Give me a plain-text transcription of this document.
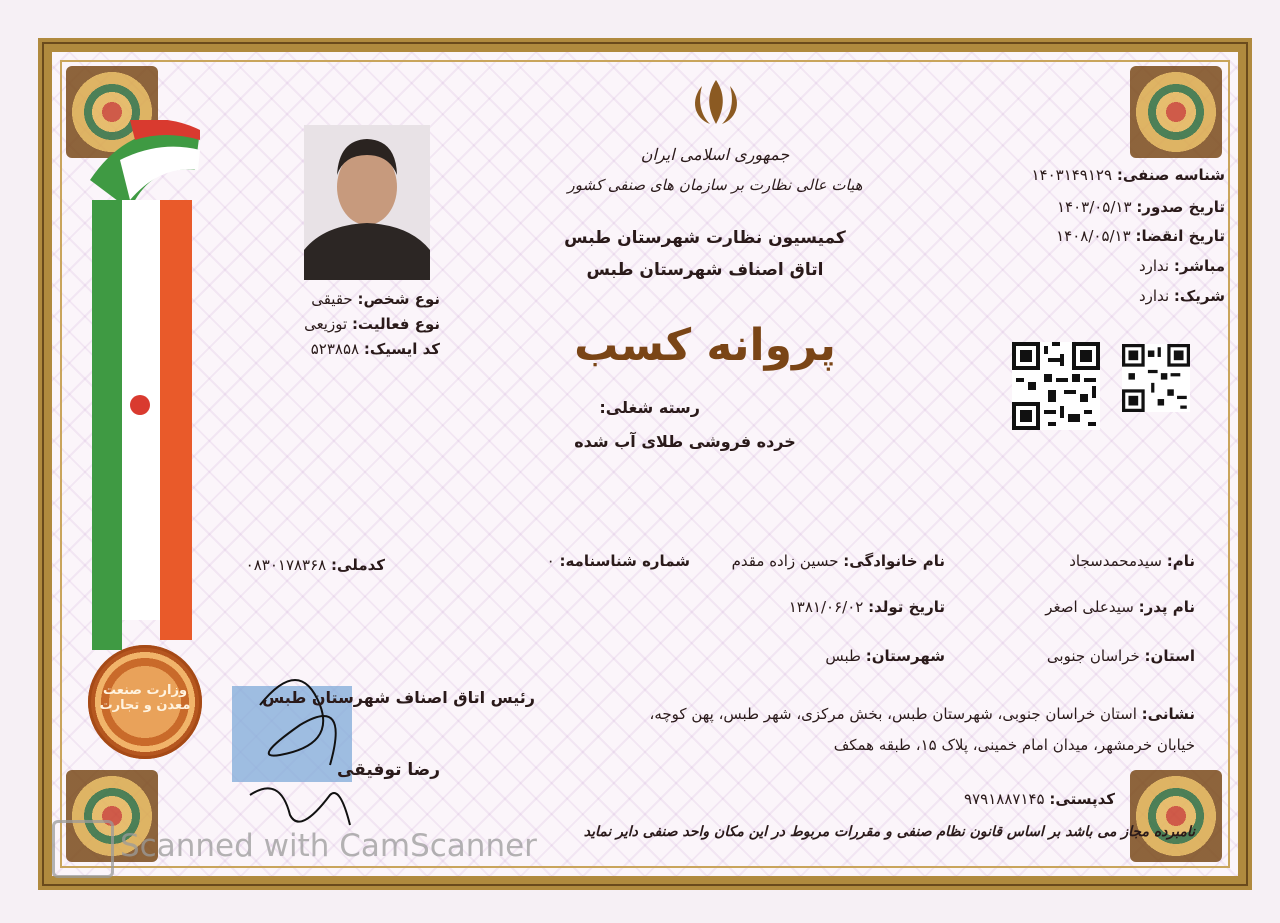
وزارت صنعت معدن و تجارت
جمهوری اسلامی ایران
هیات عالی نظارت بر سازمان های صنفی کشور
کمیسیون نظارت شهرستان طبس
اتاق اصناف شهرستان طبس
پروانه کسب
رسته شغلی:
خرده فروشی طلای آب شده
شناسه صنفی: ۱۴۰۳۱۴۹۱۲۹
تاریخ صدور: ۱۴۰۳/۰۵/۱۳
تاریخ انقضا: ۱۴۰۸/۰۵/۱۳
مباشر: ندارد
شریک: ندارد
نوع شخص: حقیقی
نوع فعالیت: توزیعی
کد ایسیک: ۵۲۳۸۵۸
نام: سیدمحمدسجاد
نام خانوادگی: حسین زاده مقدم
شماره شناسنامه: ۰
کدملی: ۰۸۳۰۱۷۸۳۶۸
نام پدر: سیدعلی اصغر
تاریخ تولد: ۱۳۸۱/۰۶/۰۲
استان: خراسان جنوبی
شهرستان: طبس
نشانی: استان خراسان جنوبی، شهرستان طبس، بخش مرکزی، شهر طبس، پهن کوچه،
خیابان خرمشهر، میدان امام خمینی، پلاک ۱۵، طبقه همکف
کدپستی: ۹۷۹۱۸۸۷۱۴۵
رئیس اتاق اصناف شهرستان طبس
رضا توفیقی
نامبرده مجاز می باشد بر اساس قانون نظام صنفی و مقررات مربوط در این مکان واحد صنفی دایر نماید
Scanned with CamScanner
